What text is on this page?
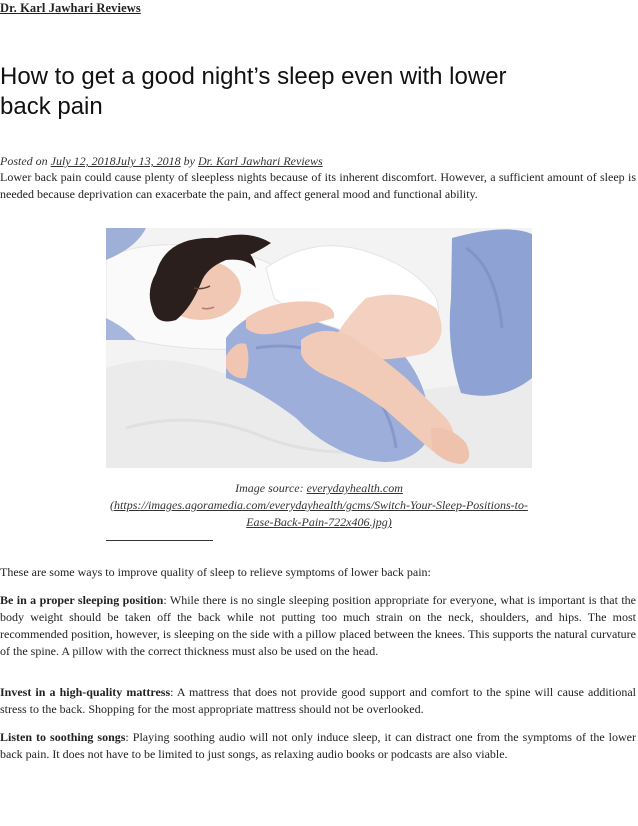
Dr. Karl Jawhari Reviews
How to get a good night’s sleep even with lower back pain
Posted on July 12, 2018July 13, 2018 by Dr. Karl Jawhari Reviews

Lower back pain could cause plenty of sleepless nights because of its inherent discomfort. However, a sufficient amount of sleep is needed because deprivation can exacerbate the pain, and affect general mood and functional ability.

Image source: everydayhealth.com
(https://images.agoramedia.com/everydayhealth/gcms/Switch-Your-Sleep-Positions-to-Ease-Back-Pain-722x406.jpg)

These are some ways to improve quality of sleep to relieve symptoms of lower back pain:

Be in a proper sleeping position: While there is no single sleeping position appropriate for everyone, what is important is that the body weight should be taken off the back while not putting too much strain on the neck, shoulders, and hips. The most recommended position, however, is sleeping on the side with a pillow placed between the knees. This supports the natural curvature of the spine. A pillow with the correct thickness must also be used on the head.

Invest in a high-quality mattress: A mattress that does not provide good support and comfort to the spine will cause additional stress to the back. Shopping for the most appropriate mattress should not be overlooked.

Listen to soothing songs: Playing soothing audio will not only induce sleep, it can distract one from the symptoms of the lower back pain. It does not have to be limited to just songs, as relaxing audio books or podcasts are also viable.
